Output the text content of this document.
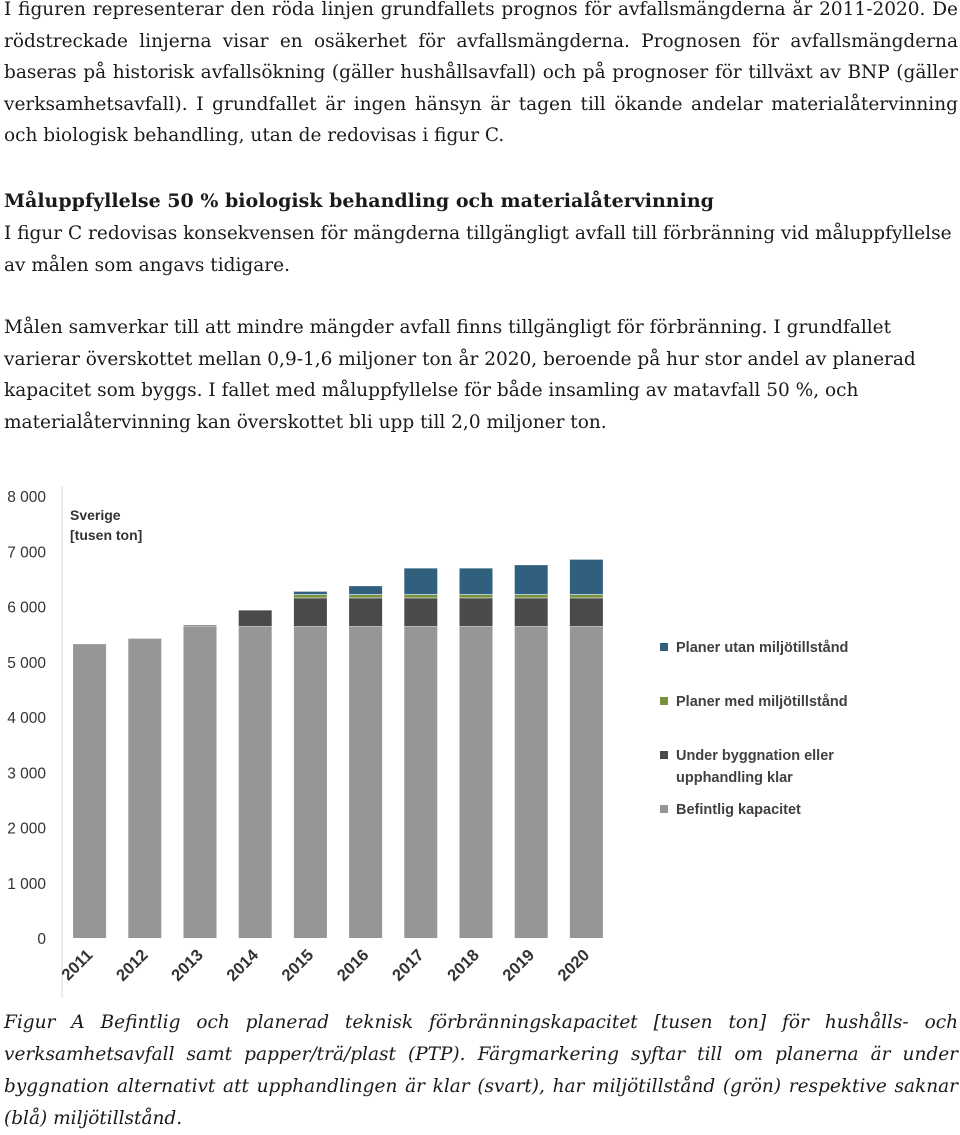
I figuren representerar den röda linjen grundfallets prognos för avfallsmängderna år 2011-2020. De rödstreckade linjerna visar en osäkerhet för avfallsmängderna. Prognosen för avfallsmängderna baseras på historisk avfallsökning (gäller hushållsavfall) och på prognoser för tillväxt av BNP (gäller verksamhetsavfall). I grundfallet är ingen hänsyn är tagen till ökande andelar materialåtervinning och biologisk behandling, utan de redovisas i figur C.

Måluppfyllelse 50 % biologisk behandling och materialåtervinning

I figur C redovisas konsekvensen för mängderna tillgängligt avfall till förbränning vid måluppfyllelse av målen som angavs tidigare.

Målen samverkar till att mindre mängder avfall finns tillgängligt för förbränning. I grundfallet varierar överskottet mellan 0,9-1,6 miljoner ton år 2020, beroende på hur stor andel av planerad kapacitet som byggs. I fallet med måluppfyllelse för både insamling av matavfall 50 %, och materialåtervinning kan överskottet bli upp till 2,0 miljoner ton.

0
1 000
2 000
3 000
4 000
5 000
6 000
7 000
8 000
Sverige
[tusen ton]
2011 2012 2013 2014 2015 2016 2017 2018 2019 2020
Planer utan miljötillstånd
Planer med miljötillstånd
Under byggnation eller
upphandling klar
Befintlig kapacitet

Figur A Befintlig och planerad teknisk förbränningskapacitet [tusen ton] för hushålls- och verksamhetsavfall samt papper/trä/plast (PTP). Färgmarkering syftar till om planerna är under byggnation alternativt att upphandlingen är klar (svart), har miljötillstånd (grön) respektive saknar (blå) miljötillstånd.
